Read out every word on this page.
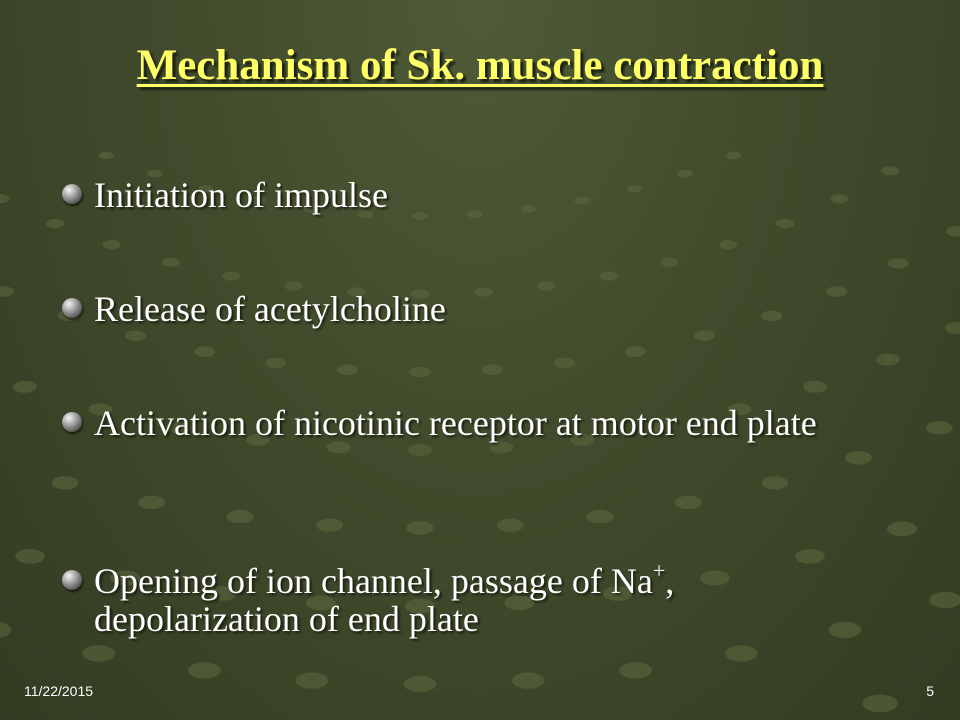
Mechanism of Sk. muscle contraction
Initiation of impulse
Release of acetylcholine
Activation of nicotinic receptor at motor end plate
Opening of ion channel, passage of Na+, depolarization of end plate
11/22/2015	5
